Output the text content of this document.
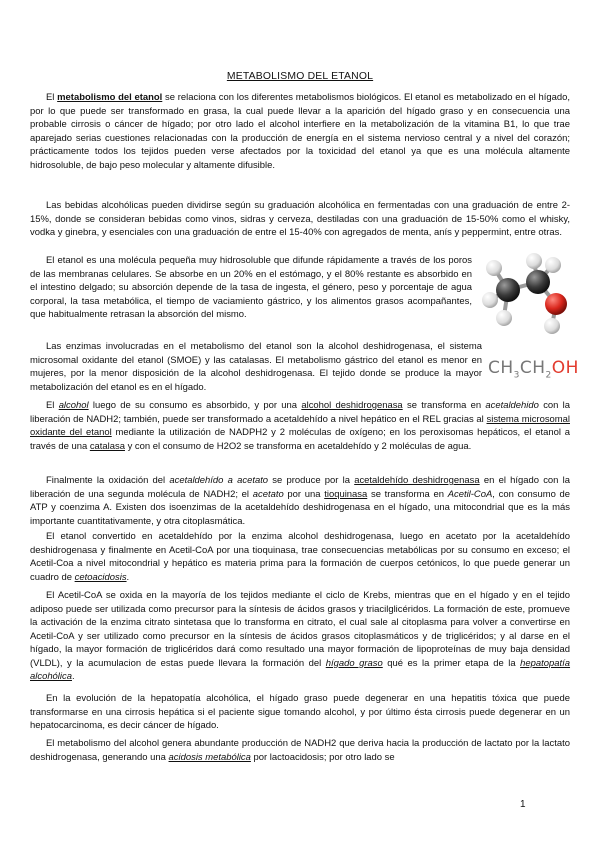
METABOLISMO DEL ETANOL

El metabolismo del etanol se relaciona con los diferentes metabolismos biológicos. El etanol es metabolizado en el hígado, por lo que puede ser transformado en grasa, la cual puede llevar a la aparición del hígado graso y en consecuencia una probable cirrosis o cáncer de hígado; por otro lado el alcohol interfiere en la metabolización de la vitamina B1, lo que trae aparejado serias cuestiones relacionadas con la producción de energía en el sistema nervioso central y a nivel del corazón; prácticamente todos los tejidos pueden verse afectados por la toxicidad del etanol ya que es una molécula altamente hidrosoluble, de bajo peso molecular y altamente difusible.

Las bebidas alcohólicas pueden dividirse según su graduación alcohólica en fermentadas con una graduación de entre 2-15%, donde se consideran bebidas como vinos, sidras y cerveza, destiladas con una graduación de 15-50% como el whisky, vodka y ginebra, y esenciales con una graduación de entre el 15-40% con agregados de menta, anís y peppermint, entre otras.

El etanol es una molécula pequeña muy hidrosoluble que difunde rápidamente a través de los poros de las membranas celulares. Se absorbe en un 20% en el estómago, y el 80% restante es absorbido en el intestino delgado; su absorción depende de la tasa de ingesta, el género, peso y porcentaje de agua corporal, la tasa metabólica, el tiempo de vaciamiento gástrico, y los alimentos grasos acompañantes, que habitualmente retrasan la absorción del mismo.

Las enzimas involucradas en el metabolismo del etanol son la alcohol deshidrogenasa, el sistema microsomal oxidante del etanol (SMOE) y las catalasas. El metabolismo gástrico del etanol es menor en mujeres, por la menor disposición de la alcohol deshidrogenasa. El tejido donde se produce la mayor metabolización del etanol es en el hígado.

$CH_3CH_2OH$

El alcohol luego de su consumo es absorbido, y por una alcohol deshidrogenasa se transforma en acetaldehido con la liberación de NADH2; también, puede ser transformado a acetaldehído a nivel hepático en el REL gracias al sistema microsomal oxidante del etanol mediante la utilización de NADPH2 y 2 moléculas de oxígeno; en los peroxisomas hepáticos, el etanol a través de una catalasa y con el consumo de H2O2 se transforma en acetaldehído y 2 moléculas de agua.

Finalmente la oxidación del acetaldehído a acetato se produce por la acetaldehído deshidrogenasa en el hígado con la liberación de una segunda molécula de NADH2; el acetato por una tioquinasa se transforma en Acetil-CoA, con consumo de ATP y coenzima A. Existen dos isoenzimas de la acetaldehído deshidrogenasa en el hígado, una mitocondrial que es la más importante cuantitativamente, y otra citoplasmática.

El etanol convertido en acetaldehído por la enzima alcohol deshidrogenasa, luego en acetato por la acetaldehído deshidrogenasa y finalmente en Acetil-CoA por una tioquinasa, trae consecuencias metabólicas por su consumo en exceso; el Acetil-Coa a nivel mitocondrial y hepático es materia prima para la formación de cuerpos cetónicos, lo que puede generar un cuadro de cetoacidosis.

El Acetil-CoA se oxida en la mayoría de los tejidos mediante el ciclo de Krebs, mientras que en el hígado y en el tejido adiposo puede ser utilizada como precursor para la síntesis de ácidos grasos y triacilglicéridos. La formación de este, promueve la activación de la enzima citrato sintetasa que lo transforma en citrato, el cual sale al citoplasma para volver a convertirse en Acetil-CoA y ser utilizado como precursor en la síntesis de ácidos grasos citoplasmáticos y de triglicéridos; y al darse en el hígado, la mayor formación de triglicéridos dará como resultado una mayor formación de lipoproteínas de muy baja densidad (VLDL), y la acumulacion de estas puede llevara la formación del hígado graso qué es la primer etapa de la hepatopatía alcohólica.

En la evolución de la hepatopatía alcohólica, el hígado graso puede degenerar en una hepatitis tóxica que puede transformarse en una cirrosis hepática si el paciente sigue tomando alcohol, y por último ésta cirrosis puede degenerar en un hepatocarcinoma, es decir cáncer de hígado.

El metabolismo del alcohol genera abundante producción de NADH2 que deriva hacia la producción de lactato por la lactato deshidrogenasa, generando una acidosis metabólica por lactoacidosis; por otro lado se

1
